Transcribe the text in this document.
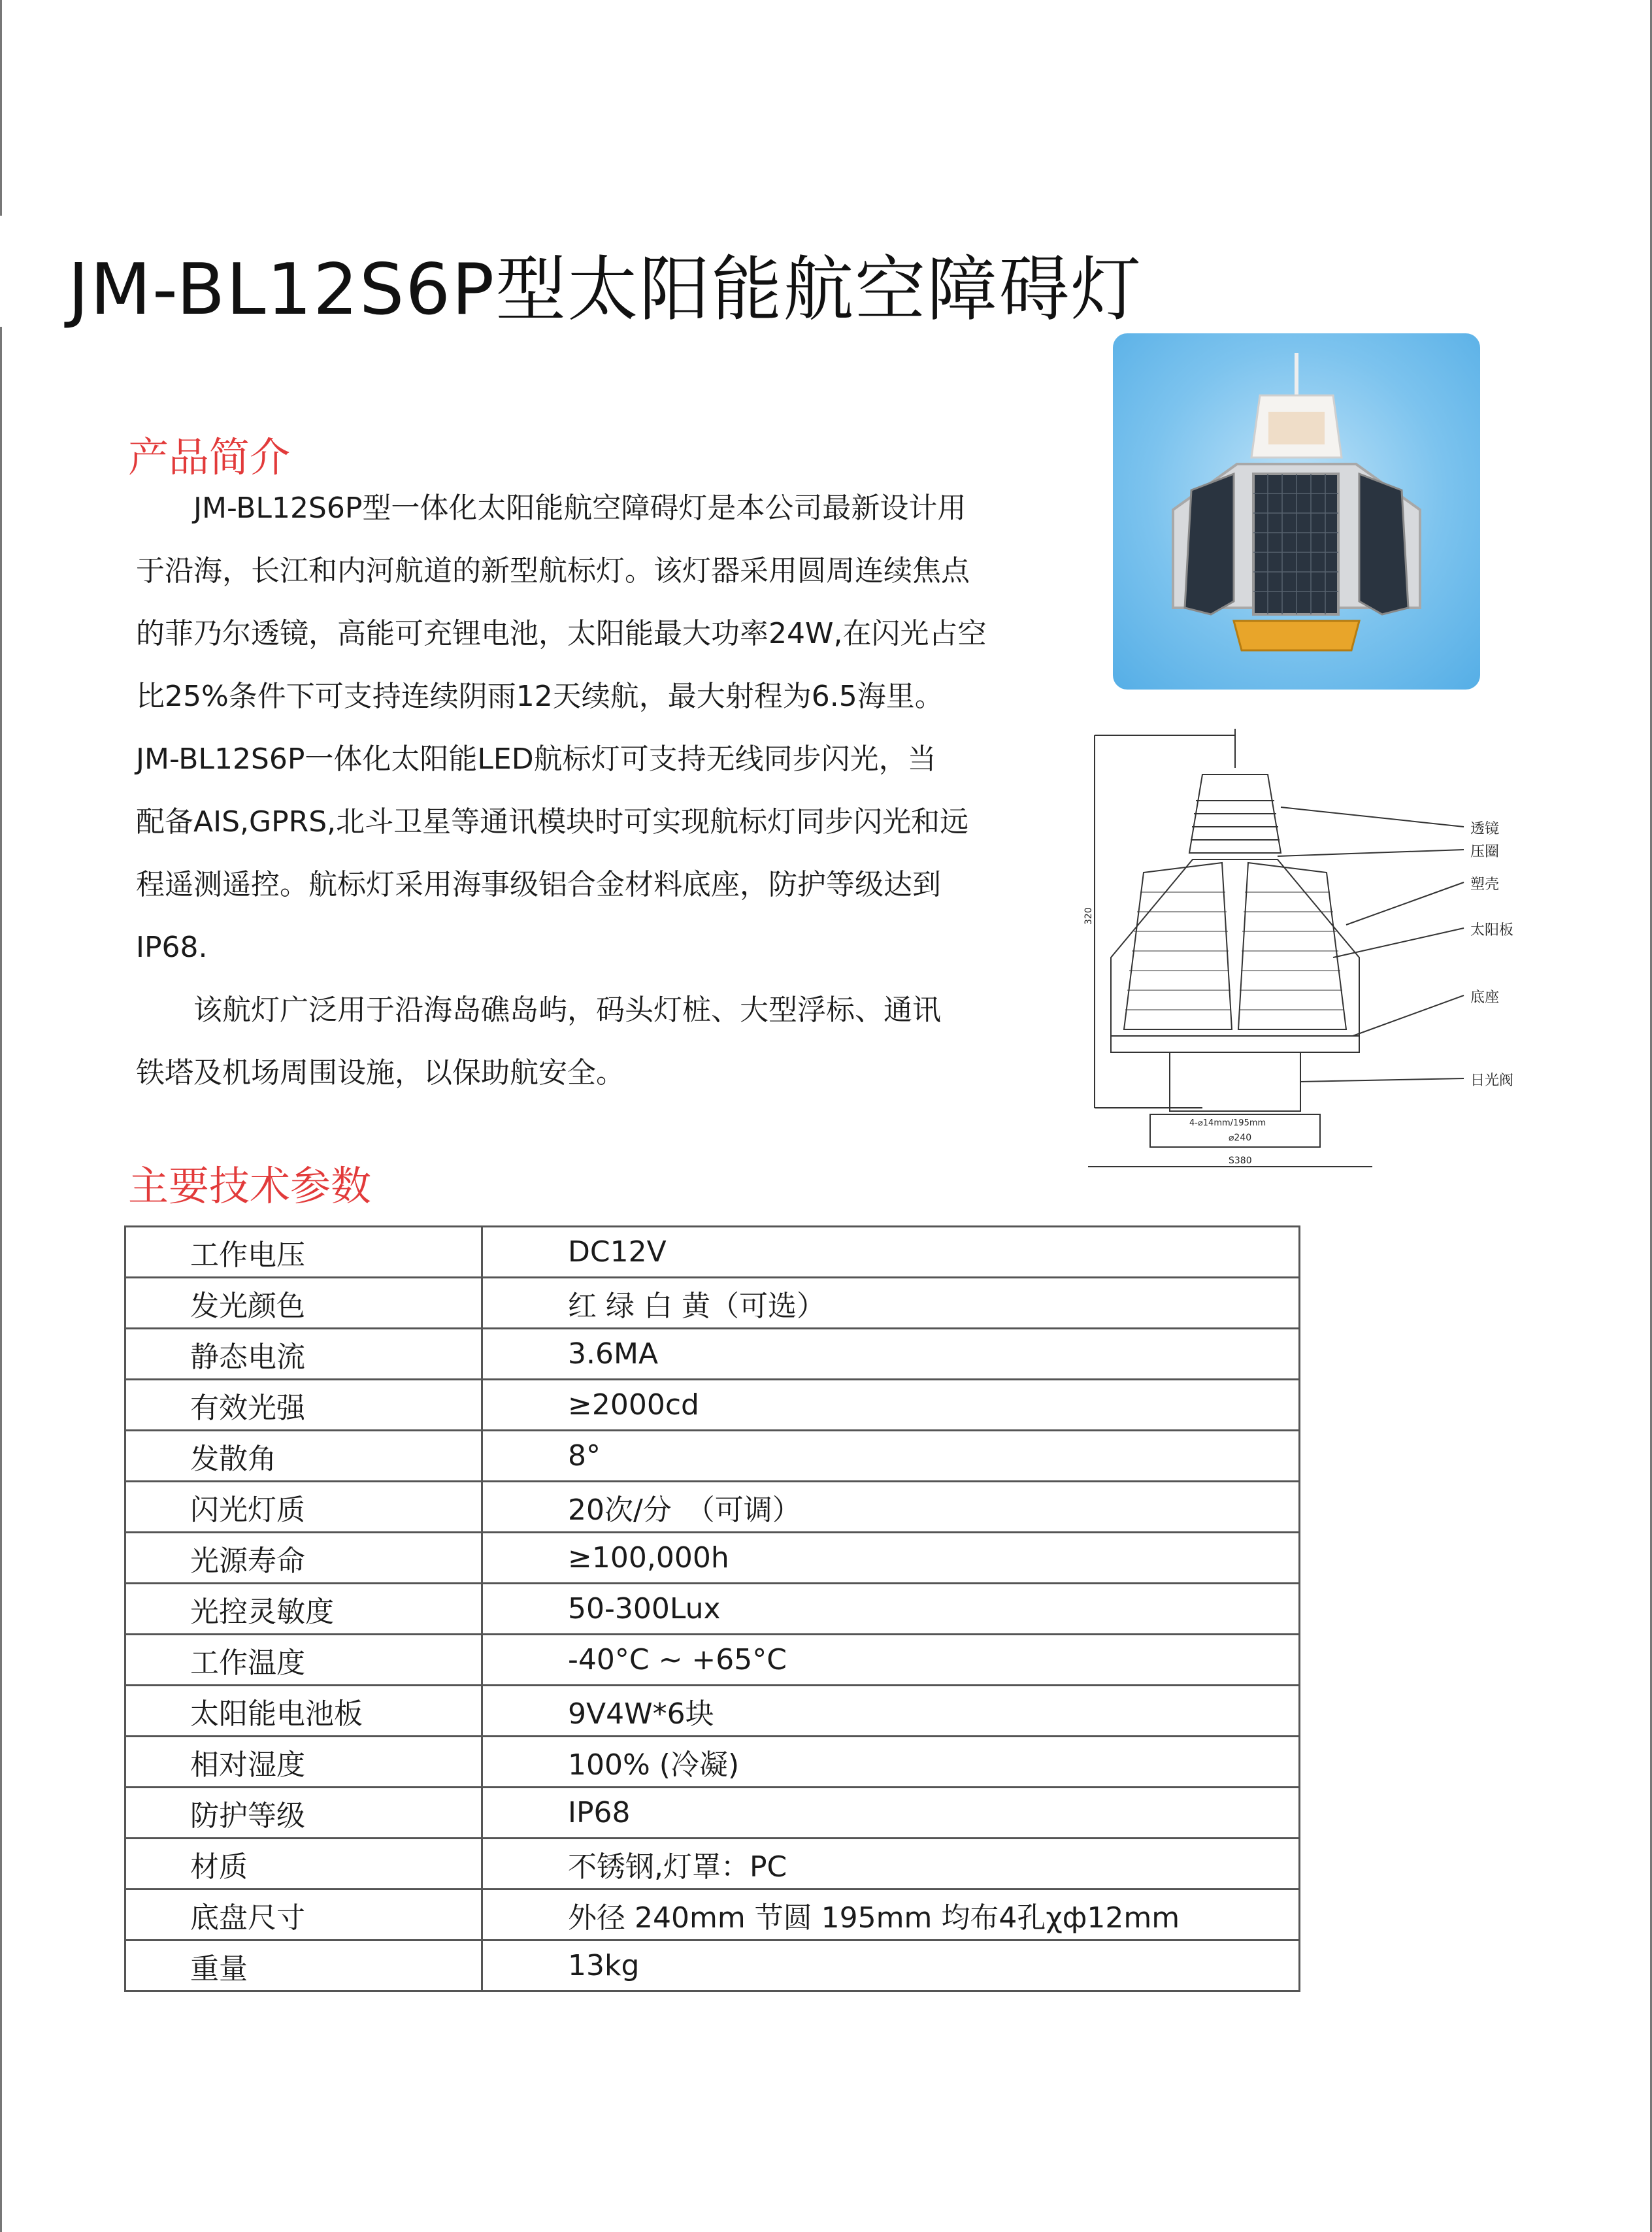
JM-BL12S6P型太阳能航空障碍灯
产品简介

　　JM-BL12S6P型一体化太阳能航空障碍灯是本公司最新设计用

于沿海，长江和内河航道的新型航标灯。该灯器采用圆周连续焦点

的菲乃尔透镜，高能可充锂电池，太阳能最大功率24W,在闪光占空

比25%条件下可支持连续阴雨12天续航，最大射程为6.5海里。

JM-BL12S6P一体化太阳能LED航标灯可支持无线同步闪光，当

配备AIS,GPRS,北斗卫星等通讯模块时可实现航标灯同步闪光和远

程遥测遥控。航标灯采用海事级铝合金材料底座，防护等级达到

IP68.

　　该航灯广泛用于沿海岛礁岛屿，码头灯桩、大型浮标、通讯

铁塔及机场周围设施，以保助航安全。

透镜
压圈
塑壳
太阳板
底座
日光阀
4-⌀14mm/195mm
⌀240
S380
320
主要技术参数
工作电压	DC12V
发光颜色	红 绿 白 黄（可选）
静态电流	3.6MA
有效光强	≥2000cd
发散角	8°
闪光灯质	20次/分　（可调）
光源寿命	≥100,000h
光控灵敏度	50-300Lux
工作温度	-40°C ~ +65°C
太阳能电池板	9V4W*6块
相对湿度	100% (冷凝)
防护等级	IP68
材质	不锈钢,灯罩：PC
底盘尺寸	外径 240mm 节圆 195mm 均布4孔χф12mm
重量	13kg
